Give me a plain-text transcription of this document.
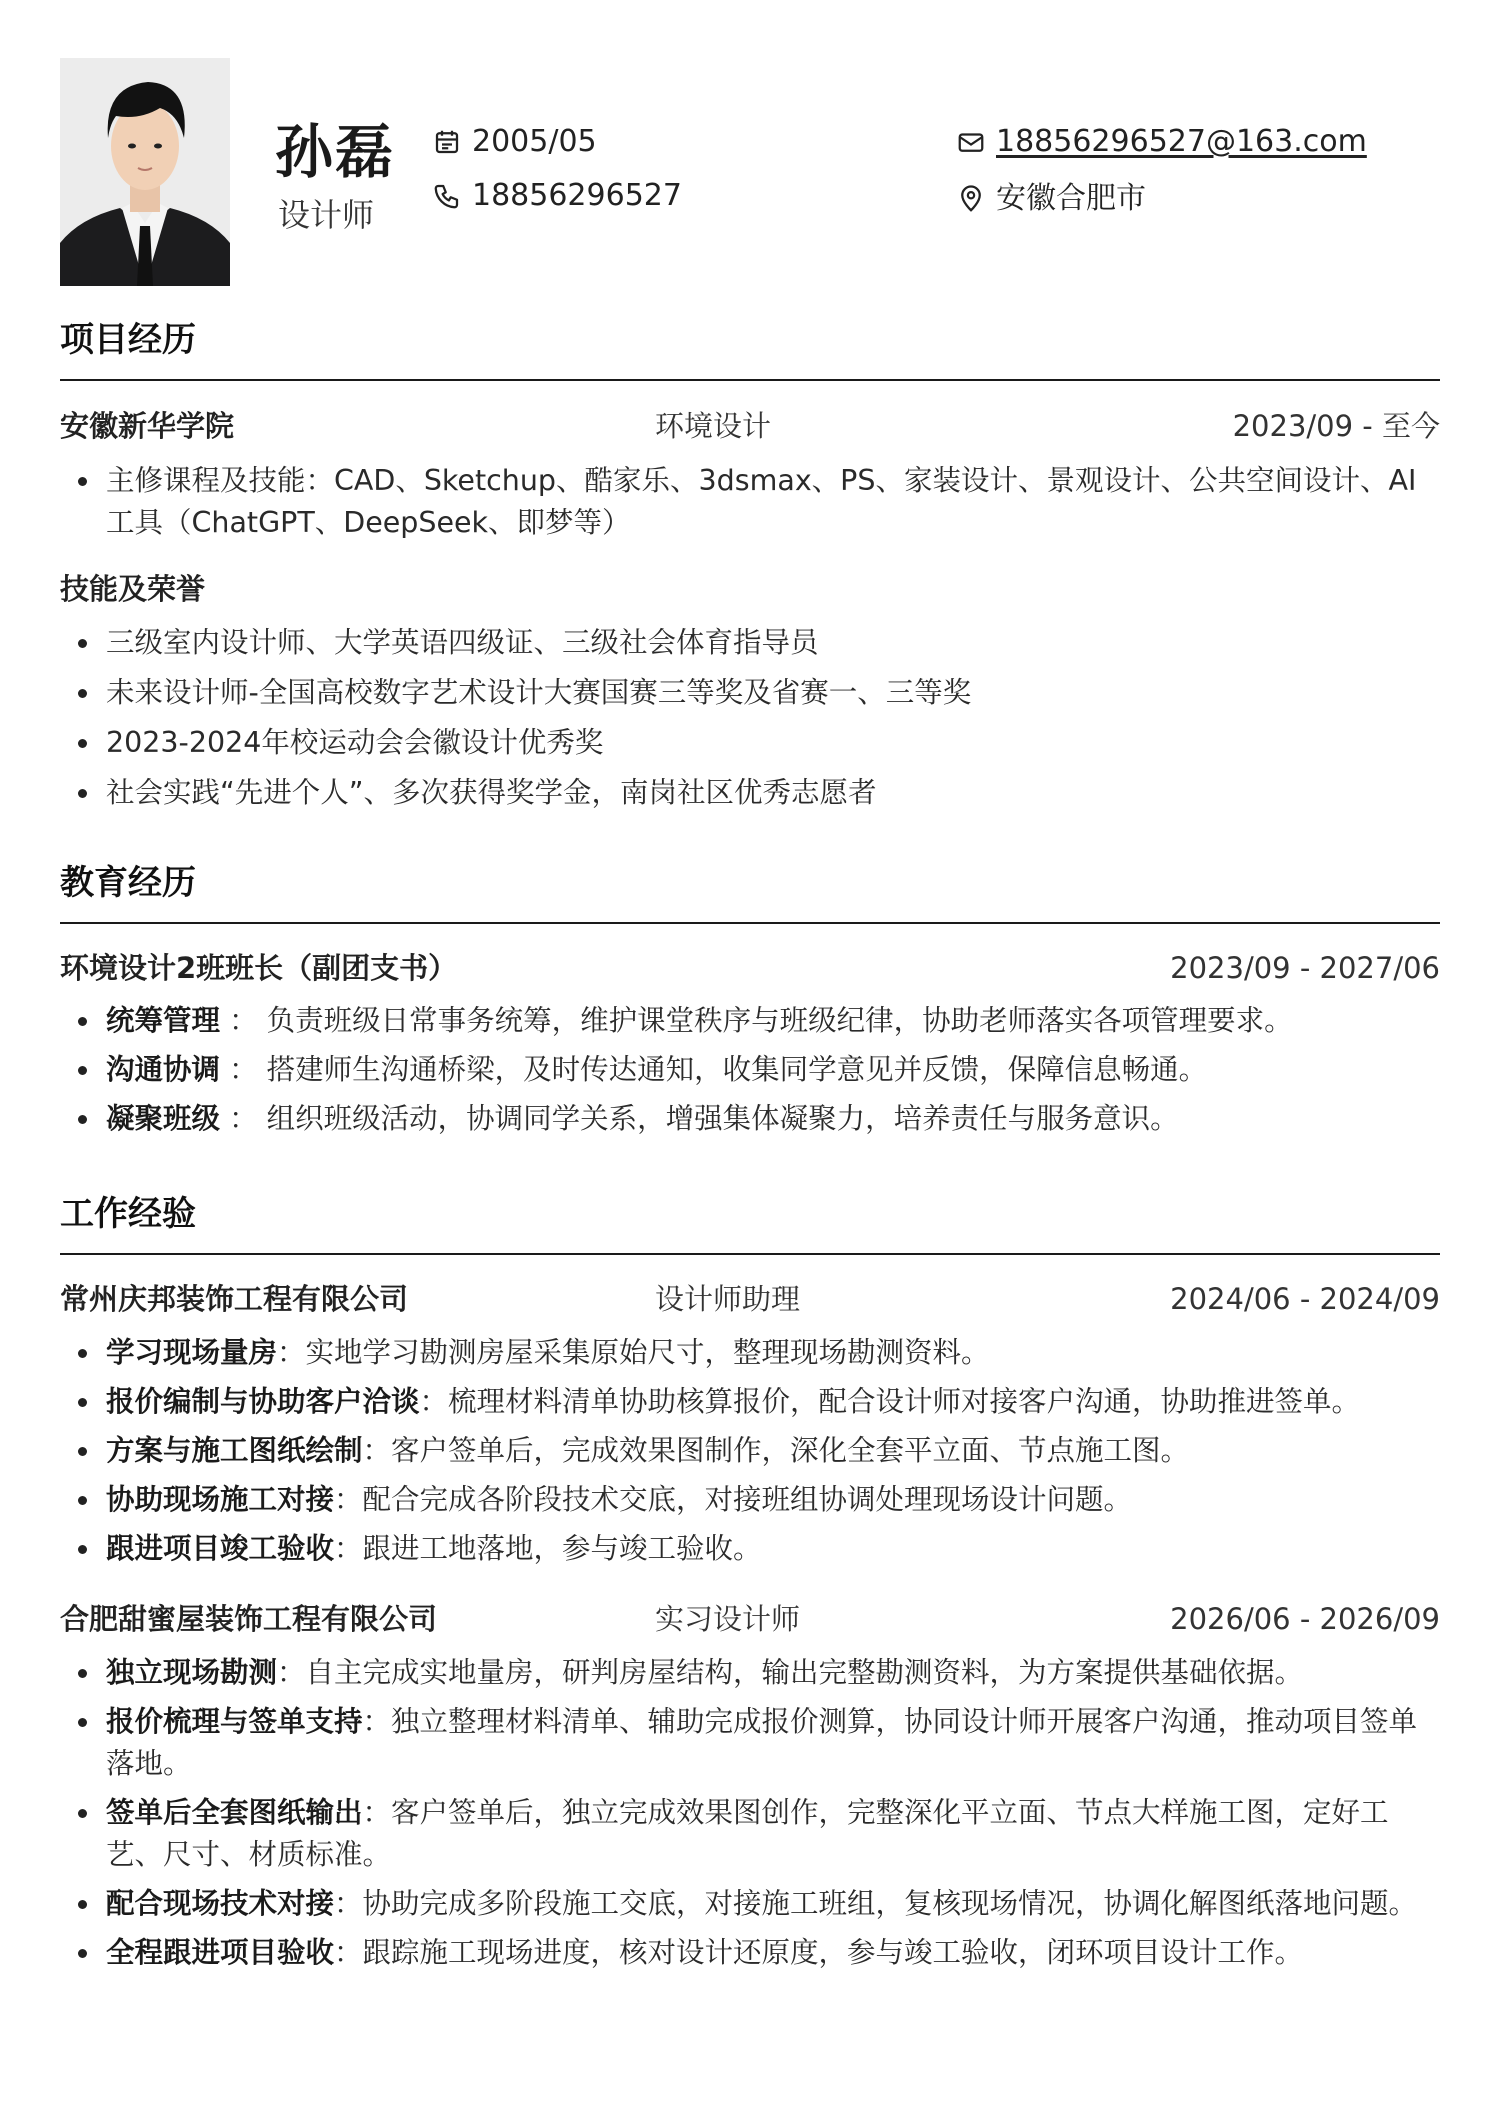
孙磊
设计师
2005/05
18856296527
18856296527@163.com
安徽合肥市
项目经历
安徽新华学院	环境设计	2023/09 - 至今
主修课程及技能：CAD、Sketchup、酷家乐、3dsmax、PS、家装设计、景观设计、公共空间设计、AI工具（ChatGPT、DeepSeek、即梦等）
技能及荣誉
三级室内设计师、大学英语四级证、三级社会体育指导员
未来设计师-全国高校数字艺术设计大赛国赛三等奖及省赛一、三等奖
2023-2024年校运动会会徽设计优秀奖
社会实践“先进个人”、多次获得奖学金，南岗社区优秀志愿者
教育经历
环境设计2班班长（副团支书）	2023/09 - 2027/06
统筹管理 ： 负责班级日常事务统筹，维护课堂秩序与班级纪律，协助老师落实各项管理要求。
沟通协调 ： 搭建师生沟通桥梁，及时传达通知，收集同学意见并反馈，保障信息畅通。
凝聚班级 ： 组织班级活动，协调同学关系，增强集体凝聚力，培养责任与服务意识。
工作经验
常州庆邦装饰工程有限公司	设计师助理	2024/06 - 2024/09
学习现场量房：实地学习勘测房屋采集原始尺寸，整理现场勘测资料。
报价编制与协助客户洽谈：梳理材料清单协助核算报价，配合设计师对接客户沟通，协助推进签单。
方案与施工图纸绘制：客户签单后，完成效果图制作，深化全套平立面、节点施工图。
协助现场施工对接：配合完成各阶段技术交底，对接班组协调处理现场设计问题。
跟进项目竣工验收：跟进工地落地，参与竣工验收。
合肥甜蜜屋装饰工程有限公司	实习设计师	2026/06 - 2026/09
独立现场勘测：自主完成实地量房，研判房屋结构，输出完整勘测资料，为方案提供基础依据。
报价梳理与签单支持：独立整理材料清单、辅助完成报价测算，协同设计师开展客户沟通，推动项目签单落地。
签单后全套图纸输出：客户签单后，独立完成效果图创作，完整深化平立面、节点大样施工图，定好工艺、尺寸、材质标准。
配合现场技术对接：协助完成多阶段施工交底，对接施工班组，复核现场情况，协调化解图纸落地问题。
全程跟进项目验收：跟踪施工现场进度，核对设计还原度，参与竣工验收，闭环项目设计工作。
